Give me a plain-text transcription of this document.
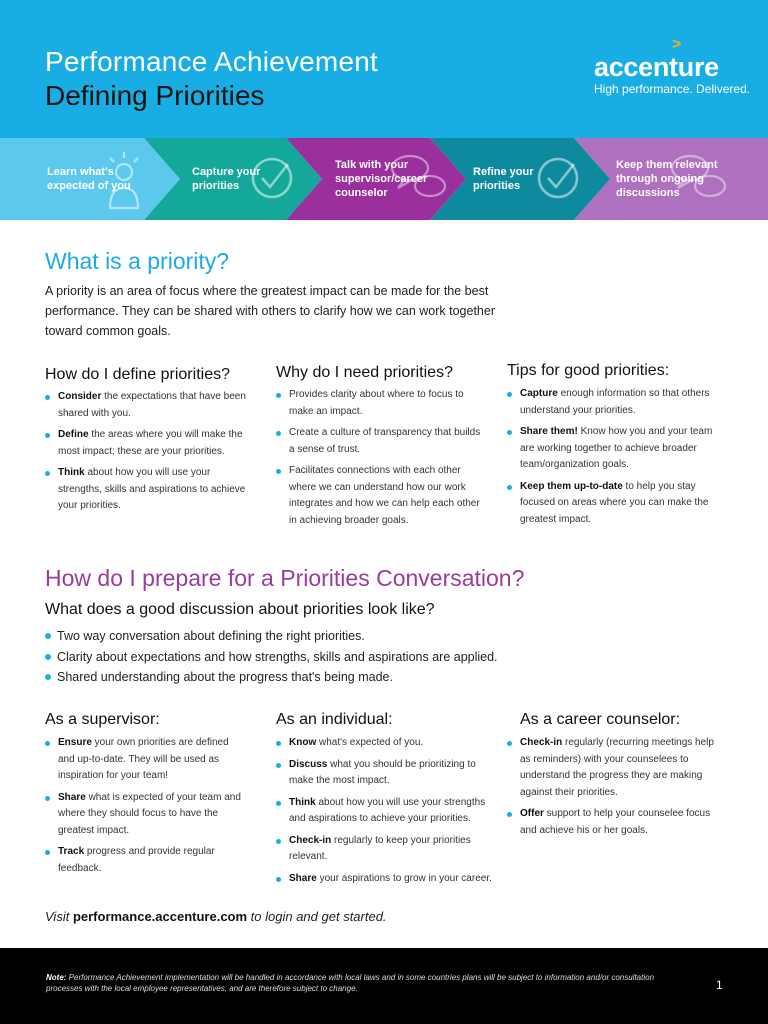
Performance Achievement
Defining Priorities
>
accenture
High performance. Delivered.
Learn what's expected of you
Capture your priorities
Talk with your supervisor/career counselor
Refine your priorities
Keep them relevant through ongoing discussions
What is a priority?
A priority is an area of focus where the greatest impact can be made for the best performance. They can be shared with others to clarify how we can work together toward common goals.
How do I define priorities?
Consider the expectations that have been shared with you.
Define the areas where you will make the most impact; these are your priorities.
Think about how you will use your strengths, skills and aspirations to achieve your priorities.
Why do I need priorities?
Provides clarity about where to focus to make an impact.
Create a culture of transparency that builds a sense of trust.
Facilitates connections with each other where we can understand how our work integrates and how we can help each other in achieving broader goals.
Tips for good priorities:
Capture enough information so that others understand your priorities.
Share them! Know how you and your team are working together to achieve broader team/organization goals.
Keep them up-to-date to help you stay focused on areas where you can make the greatest impact.
How do I prepare for a Priorities Conversation?
What does a good discussion about priorities look like?
Two way conversation about defining the right priorities.
Clarity about expectations and how strengths, skills and aspirations are applied.
Shared understanding about the progress that's being made.
As a supervisor:
Ensure your own priorities are defined and up-to-date. They will be used as inspiration for your team!
Share what is expected of your team and where they should focus to have the greatest impact.
Track progress and provide regular feedback.
As an individual:
Know what's expected of you.
Discuss what you should be prioritizing to make the most impact.
Think about how you will use your strengths and aspirations to achieve your priorities.
Check-in regularly to keep your priorities relevant.
Share your aspirations to grow in your career.
As a career counselor:
Check-in regularly (recurring meetings help as reminders) with your counselees to understand the progress they are making against their priorities.
Offer support to help your counselee focus and achieve his or her goals.
Visit performance.accenture.com to login and get started.
Note: Performance Achievement implementation will be handled in accordance with local laws and in some countries plans will be subject to information and/or consultation processes with the local employee representatives, and are therefore subject to change.	1
